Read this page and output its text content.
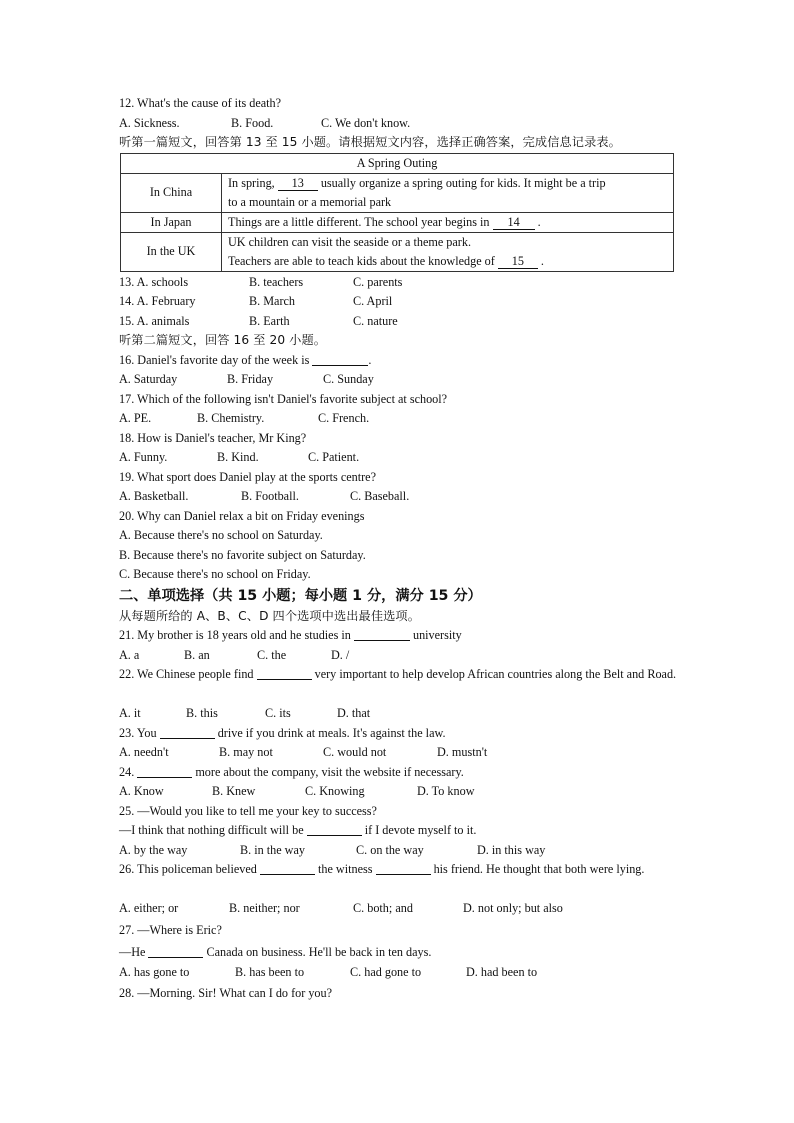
12. What's the cause of its death?
A. Sickness.	B. Food.	C. We don't know.
听第一篇短文，回答第 13 至 15 小题。请根据短文内容，选择正确答案，完成信息记录表。
A Spring Outing	
In China	In spring, 13 usually organize a spring outing for kids. It might be a trip
to a mountain or a memorial park

In Japan	Things are a little different. The school year begins in 14 .
In the UK	UK children can visit the seaside or a theme park.
Teachers are able to teach kids about the knowledge of 15 .
13. A. schools	B. teachers	C. parents
14. A. February	B. March	C. April
15. A. animals	B. Earth	C. nature
听第二篇短文，回答 16 至 20 小题。
16. Daniel's favorite day of the week is	.
A. Saturday	B. Friday	C. Sunday
17. Which of the following isn't Daniel's favorite subject at school?
A. PE.	B. Chemistry.	C. French.
18. How is Daniel's teacher, Mr King?
A. Funny.	B. Kind.	C. Patient.
19. What sport does Daniel play at the sports centre?
A. Basketball.	B. Football.	C. Baseball.
20. Why can Daniel relax a bit on Friday evenings
A. Because there's no school on Saturday.
B. Because there's no favorite subject on Saturday.
C. Because there's no school on Friday.
二、单项选择（共 15 小题；每小题 1 分，满分 15 分）
从每题所给的 A、B、C、D 四个选项中选出最佳选项。
21. My brother is 18 years old and he studies in	university
A. a	B. an	C. the	D. /
22. We Chinese people find	very important to help develop African countries along the Belt and Road.
A. it	B. this	C. its	D. that
23. You	drive if you drink at meals. It's against the law.
A. needn't	B. may not	C. would not	D. mustn't
24.	more about the company, visit the website if necessary.
A. Know	B. Knew	C. Knowing	D. To know
25. —Would you like to tell me your key to success?
—I think that nothing difficult will be	if I devote myself to it.
A. by the way	B. in the way	C. on the way	D. in this way
26. This policeman believed	the witness	his friend. He thought that both were lying.
A. either; or	B. neither; nor	C. both; and	D. not only; but also
27. —Where is Eric?
—He	Canada on business. He'll be back in ten days.
A. has gone to	B. has been to	C. had gone to	D. had been to
28. —Morning. Sir! What can I do for you?
